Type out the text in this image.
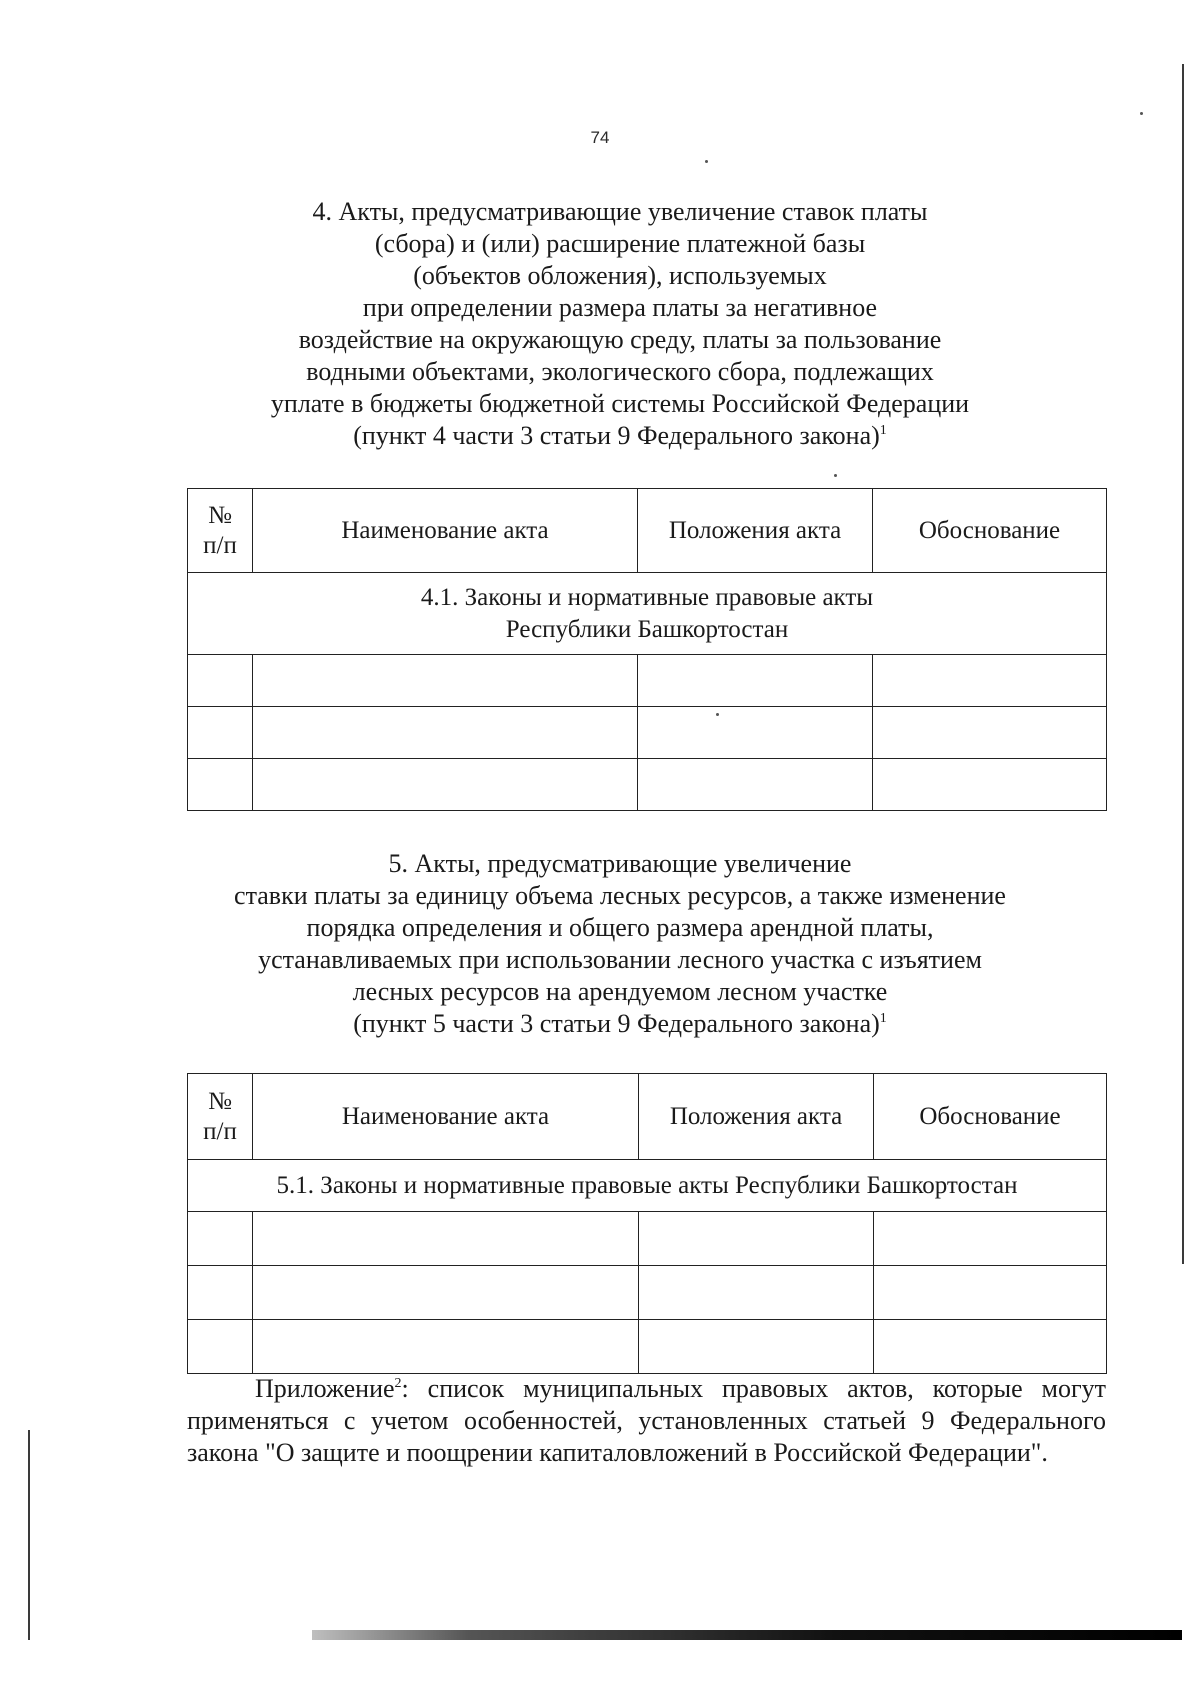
74
4. Акты, предусматривающие увеличение ставок платы
(сбора) и (или) расширение платежной базы
(объектов обложения), используемых
при определении размера платы за негативное
воздействие на окружающую среду, платы за пользование
водными объектами, экологического сбора, подлежащих
уплате в бюджеты бюджетной системы Российской Федерации
(пункт 4 части 3 статьи 9 Федерального закона)$^1$
№
п/п	Наименование акта	Положения акта	Обоснование

4.1. Законы и нормативные правовые акты
Республики Башкортостан			

5. Акты, предусматривающие увеличение
ставки платы за единицу объема лесных ресурсов, а также изменение
порядка определения и общего размера арендной платы,
устанавливаемых при использовании лесного участка с изъятием
лесных ресурсов на арендуемом лесном участке
(пункт 5 части 3 статьи 9 Федерального закона)$^1$
№
п/п	Наименование акта	Положения акта	Обоснование
5.1. Законы и нормативные правовые акты Республики Башкортостан			

Приложение$^2$: список муниципальных правовых актов, которые могут применяться с учетом особенностей, установленных статьей 9 Федерального закона "О защите и поощрении капиталовложений в Российской Федерации".
